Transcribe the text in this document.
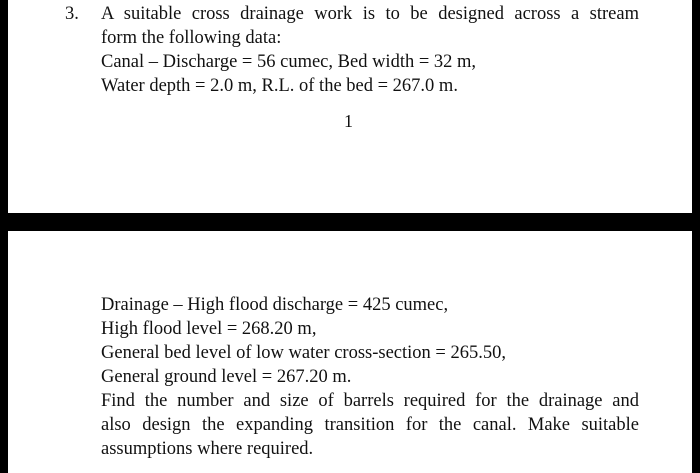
3. A suitable cross drainage work is to be designed across a stream
form the following data:
Canal – Discharge = 56 cumec, Bed width = 32 m,
Water depth = 2.0 m, R.L. of the bed = 267.0 m.
1
Drainage – High flood discharge = 425 cumec,
High flood level = 268.20 m,
General bed level of low water cross-section = 265.50,
General ground level = 267.20 m.
Find the number and size of barrels required for the drainage and
also design the expanding transition for the canal. Make suitable
assumptions where required.
